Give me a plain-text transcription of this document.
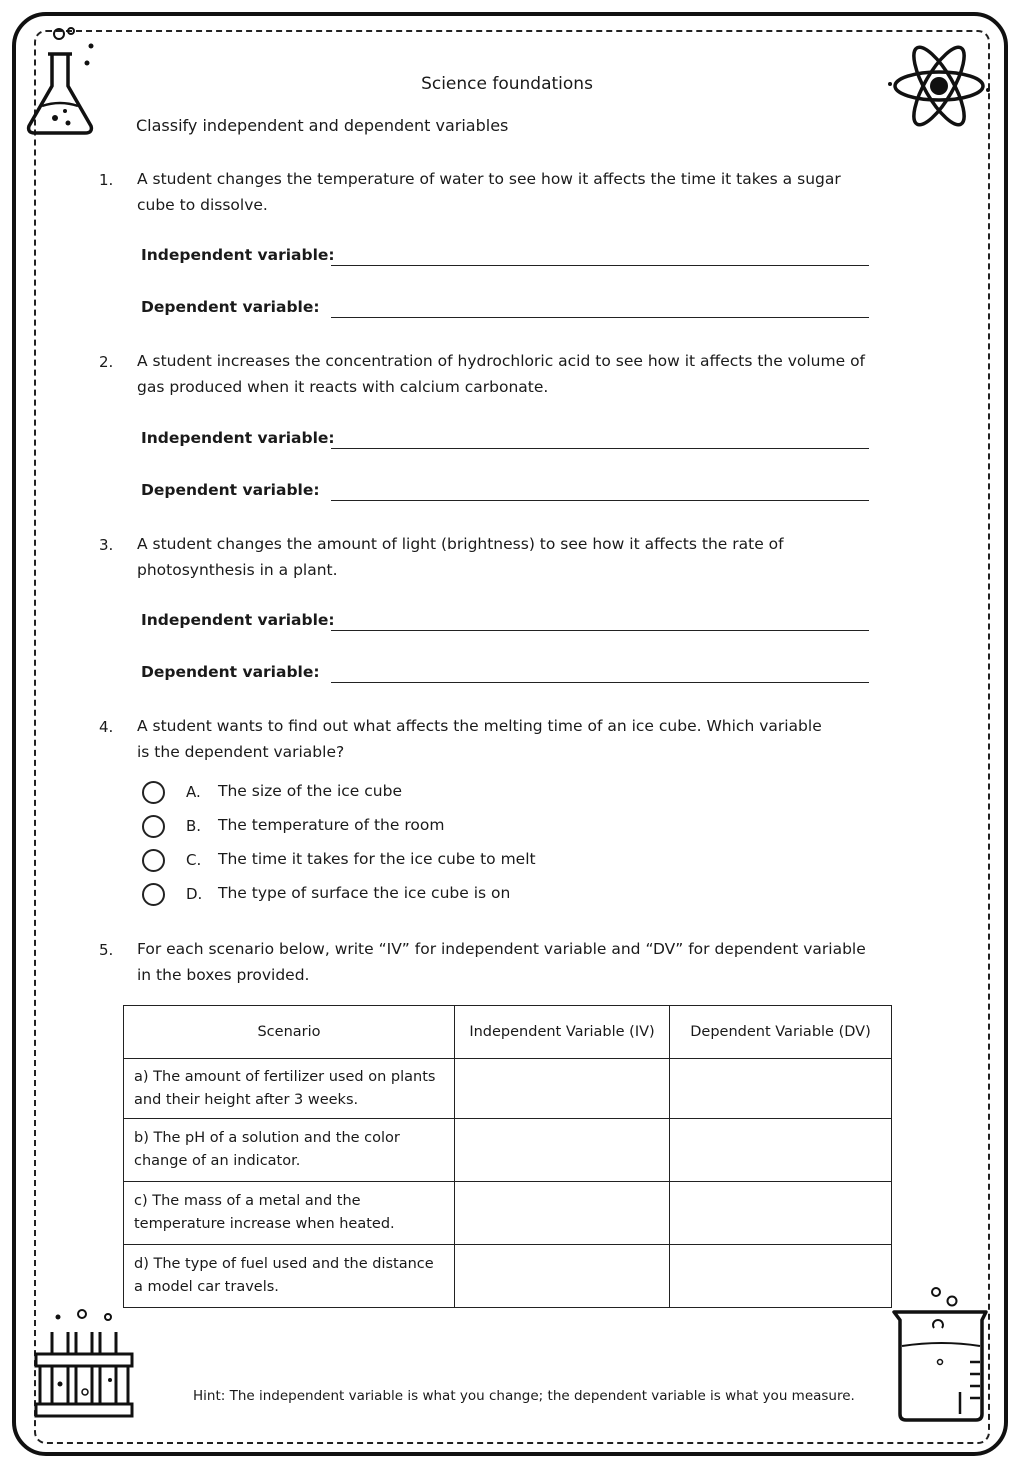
Science foundations
Classify independent and dependent variables
1. A student changes the temperature of water to see how it affects the time it takes a sugar cube to dissolve.
Independent variable:
Dependent variable:
2. A student increases the concentration of hydrochloric acid to see how it affects the volume of gas produced when it reacts with calcium carbonate.
Independent variable:
Dependent variable:
3. A student changes the amount of light (brightness) to see how it affects the rate of photosynthesis in a plant.
Independent variable:
Dependent variable:
4. A student wants to find out what affects the melting time of an ice cube. Which variable is the dependent variable?
A. The size of the ice cube
B. The temperature of the room
C. The time it takes for the ice cube to melt
D. The type of surface the ice cube is on
5. For each scenario below, write “IV” for independent variable and “DV” for dependent variable in the boxes provided.
Scenario	Independent Variable (IV)	Dependent Variable (DV)
a) The amount of fertilizer used on plants and their height after 3 weeks.		
b) The pH of a solution and the color change of an indicator.		
c) The mass of a metal and the temperature increase when heated.		
d) The type of fuel used and the distance a model car travels.		
Hint: The independent variable is what you change; the dependent variable is what you measure.
